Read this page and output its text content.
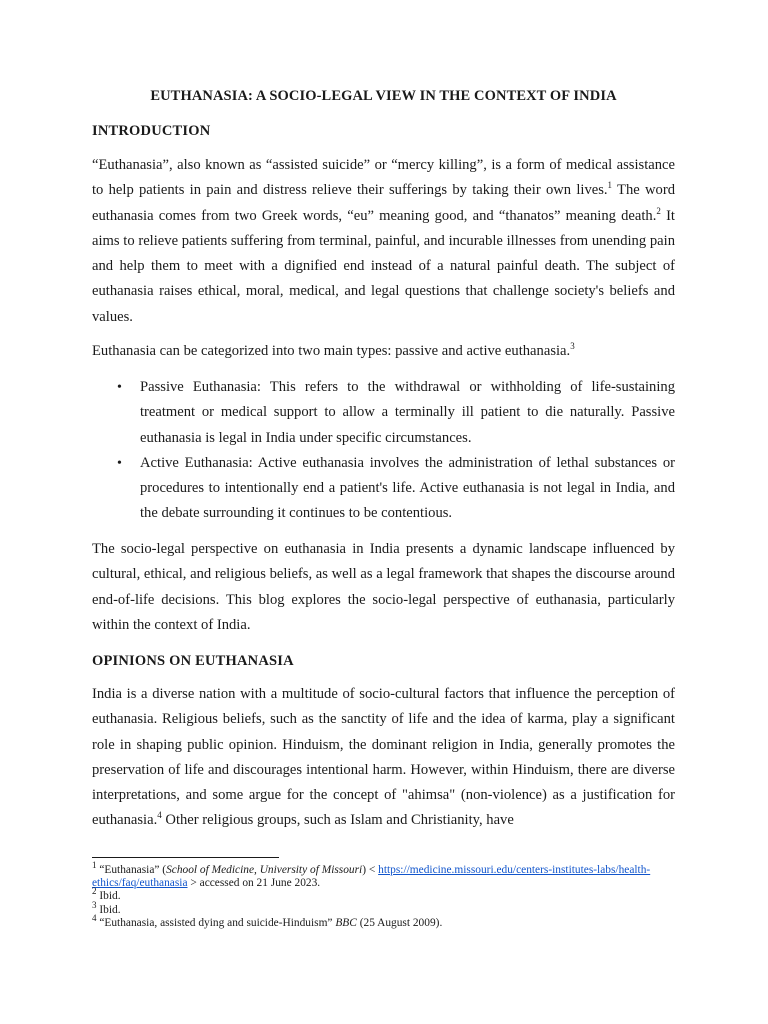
EUTHANASIA: A SOCIO-LEGAL VIEW IN THE CONTEXT OF INDIA
INTRODUCTION

“Euthanasia”, also known as “assisted suicide” or “mercy killing”, is a form of medical assistance to help patients in pain and distress relieve their sufferings by taking their own lives.$^1$ The word euthanasia comes from two Greek words, “eu” meaning good, and “thanatos” meaning death.$^2$ It aims to relieve patients suffering from terminal, painful, and incurable illnesses from unending pain and help them to meet with a dignified end instead of a natural painful death. The subject of euthanasia raises ethical, moral, medical, and legal questions that challenge society's beliefs and values.

Euthanasia can be categorized into two main types: passive and active euthanasia.$^3$

• Passive Euthanasia: This refers to the withdrawal or withholding of life-sustaining treatment or medical support to allow a terminally ill patient to die naturally. Passive euthanasia is legal in India under specific circumstances.
• Active Euthanasia: Active euthanasia involves the administration of lethal substances or procedures to intentionally end a patient's life. Active euthanasia is not legal in India, and the debate surrounding it continues to be contentious.

The socio-legal perspective on euthanasia in India presents a dynamic landscape influenced by cultural, ethical, and religious beliefs, as well as a legal framework that shapes the discourse around end-of-life decisions. This blog explores the socio-legal perspective of euthanasia, particularly within the context of India.

OPINIONS ON EUTHANASIA

India is a diverse nation with a multitude of socio-cultural factors that influence the perception of euthanasia. Religious beliefs, such as the sanctity of life and the idea of karma, play a significant role in shaping public opinion. Hinduism, the dominant religion in India, generally promotes the preservation of life and discourages intentional harm. However, within Hinduism, there are diverse interpretations, and some argue for the concept of "ahimsa" (non-violence) as a justification for euthanasia.$^4$ Other religious groups, such as Islam and Christianity, have

$^1$ “Euthanasia” (School of Medicine, University of Missouri) < https://medicine.missouri.edu/centers-institutes-labs/health-ethics/faq/euthanasia > accessed on 21 June 2023.

$^2$ Ibid.

$^3$ Ibid.

$^4$ “Euthanasia, assisted dying and suicide-Hinduism” BBC (25 August 2009).
